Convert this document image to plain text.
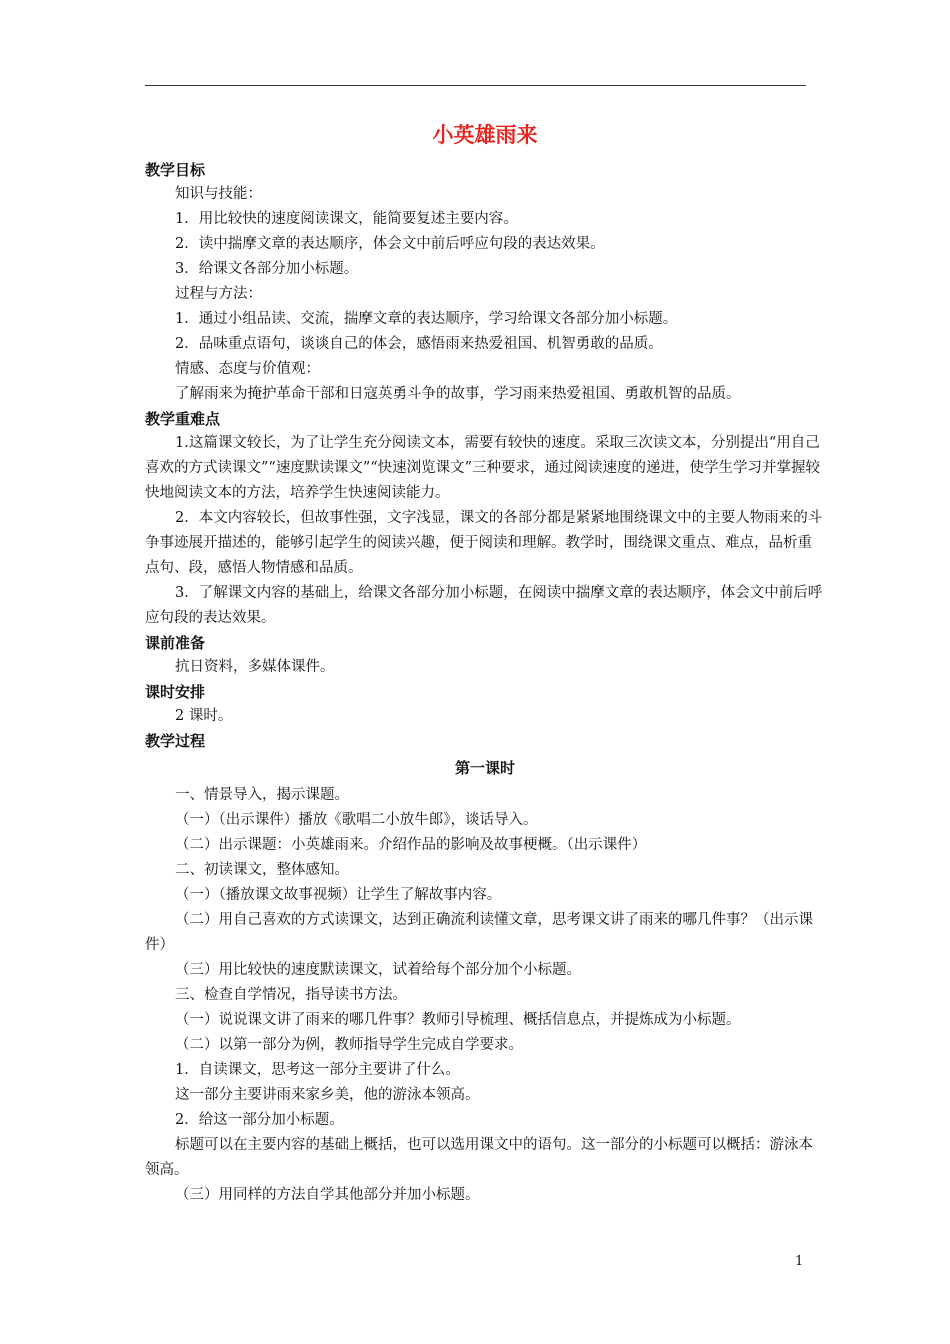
小英雄雨来
教学目标
知识与技能：
1．用比较快的速度阅读课文，能简要复述主要内容。
2．读中揣摩文章的表达顺序，体会文中前后呼应句段的表达效果。
3．给课文各部分加小标题。
过程与方法：
1．通过小组品读、交流，揣摩文章的表达顺序，学习给课文各部分加小标题。
2．品味重点语句，谈谈自己的体会，感悟雨来热爱祖国、机智勇敢的品质。
情感、态度与价值观：
了解雨来为掩护革命干部和日寇英勇斗争的故事，学习雨来热爱祖国、勇敢机智的品质。
教学重难点
1.这篇课文较长，为了让学生充分阅读文本，需要有较快的速度。采取三次读文本，分别提出“用自己喜欢的方式读课文”“速度默读课文”“快速浏览课文”三种要求，通过阅读速度的递进，使学生学习并掌握较快地阅读文本的方法，培养学生快速阅读能力。
2．本文内容较长，但故事性强，文字浅显，课文的各部分都是紧紧地围绕课文中的主要人物雨来的斗争事迹展开描述的，能够引起学生的阅读兴趣，便于阅读和理解。教学时，围绕课文重点、难点，品析重点句、段，感悟人物情感和品质。
3．了解课文内容的基础上，给课文各部分加小标题，在阅读中揣摩文章的表达顺序，体会文中前后呼应句段的表达效果。
课前准备
抗日资料，多媒体课件。
课时安排
2 课时。
教学过程
第一课时
一、情景导入，揭示课题。
（一）（出示课件）播放《歌唱二小放牛郎》，谈话导入。
（二）出示课题：小英雄雨来。介绍作品的影响及故事梗概。（出示课件）
二、初读课文，整体感知。
（一）（播放课文故事视频）让学生了解故事内容。
（二）用自己喜欢的方式读课文，达到正确流利读懂文章，思考课文讲了雨来的哪几件事？（出示课件）
（三）用比较快的速度默读课文，试着给每个部分加个小标题。
三、检查自学情况，指导读书方法。
（一）说说课文讲了雨来的哪几件事？教师引导梳理、概括信息点，并提炼成为小标题。
（二）以第一部分为例，教师指导学生完成自学要求。
1．自读课文，思考这一部分主要讲了什么。
这一部分主要讲雨来家乡美，他的游泳本领高。
2．给这一部分加小标题。
标题可以在主要内容的基础上概括，也可以选用课文中的语句。这一部分的小标题可以概括：游泳本领高。
（三）用同样的方法自学其他部分并加小标题。
1
